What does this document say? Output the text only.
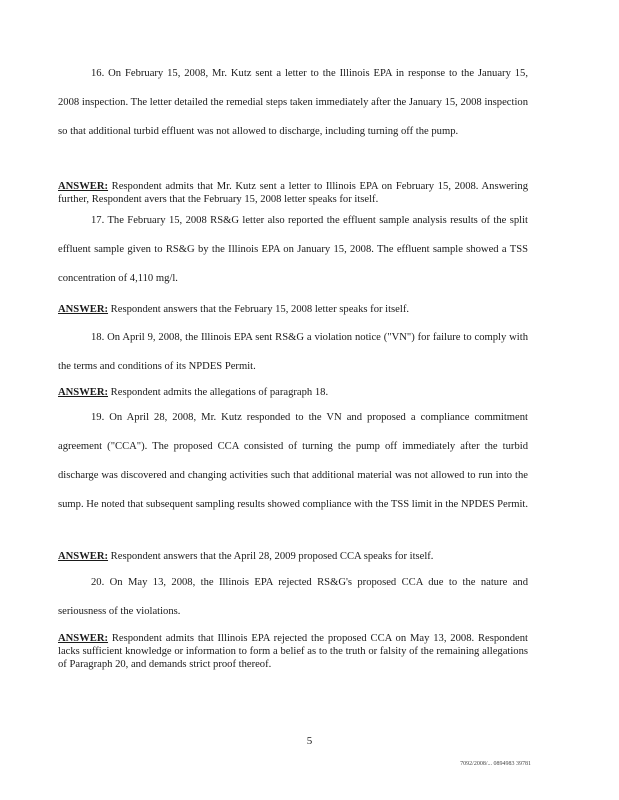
16. On February 15, 2008, Mr. Kutz sent a letter to the Illinois EPA in response to the January 15, 2008 inspection. The letter detailed the remedial steps taken immediately after the January 15, 2008 inspection so that additional turbid effluent was not allowed to discharge, including turning off the pump.
ANSWER: Respondent admits that Mr. Kutz sent a letter to Illinois EPA on February 15, 2008. Answering further, Respondent avers that the February 15, 2008 letter speaks for itself.
17. The February 15, 2008 RS&G letter also reported the effluent sample analysis results of the split effluent sample given to RS&G by the Illinois EPA on January 15, 2008. The effluent sample showed a TSS concentration of 4,110 mg/l.
ANSWER: Respondent answers that the February 15, 2008 letter speaks for itself.
18. On April 9, 2008, the Illinois EPA sent RS&G a violation notice ("VN") for failure to comply with the terms and conditions of its NPDES Permit.
ANSWER: Respondent admits the allegations of paragraph 18.
19. On April 28, 2008, Mr. Kutz responded to the VN and proposed a compliance commitment agreement ("CCA"). The proposed CCA consisted of turning the pump off immediately after the turbid discharge was discovered and changing activities such that additional material was not allowed to run into the sump. He noted that subsequent sampling results showed compliance with the TSS limit in the NPDES Permit.
ANSWER: Respondent answers that the April 28, 2009 proposed CCA speaks for itself.
20. On May 13, 2008, the Illinois EPA rejected RS&G's proposed CCA due to the nature and seriousness of the violations.
ANSWER: Respondent admits that Illinois EPA rejected the proposed CCA on May 13, 2008. Respondent lacks sufficient knowledge or information to form a belief as to the truth or falsity of the remaining allegations of Paragraph 20, and demands strict proof thereof.
5
7092/2008/... 0894983 39781
